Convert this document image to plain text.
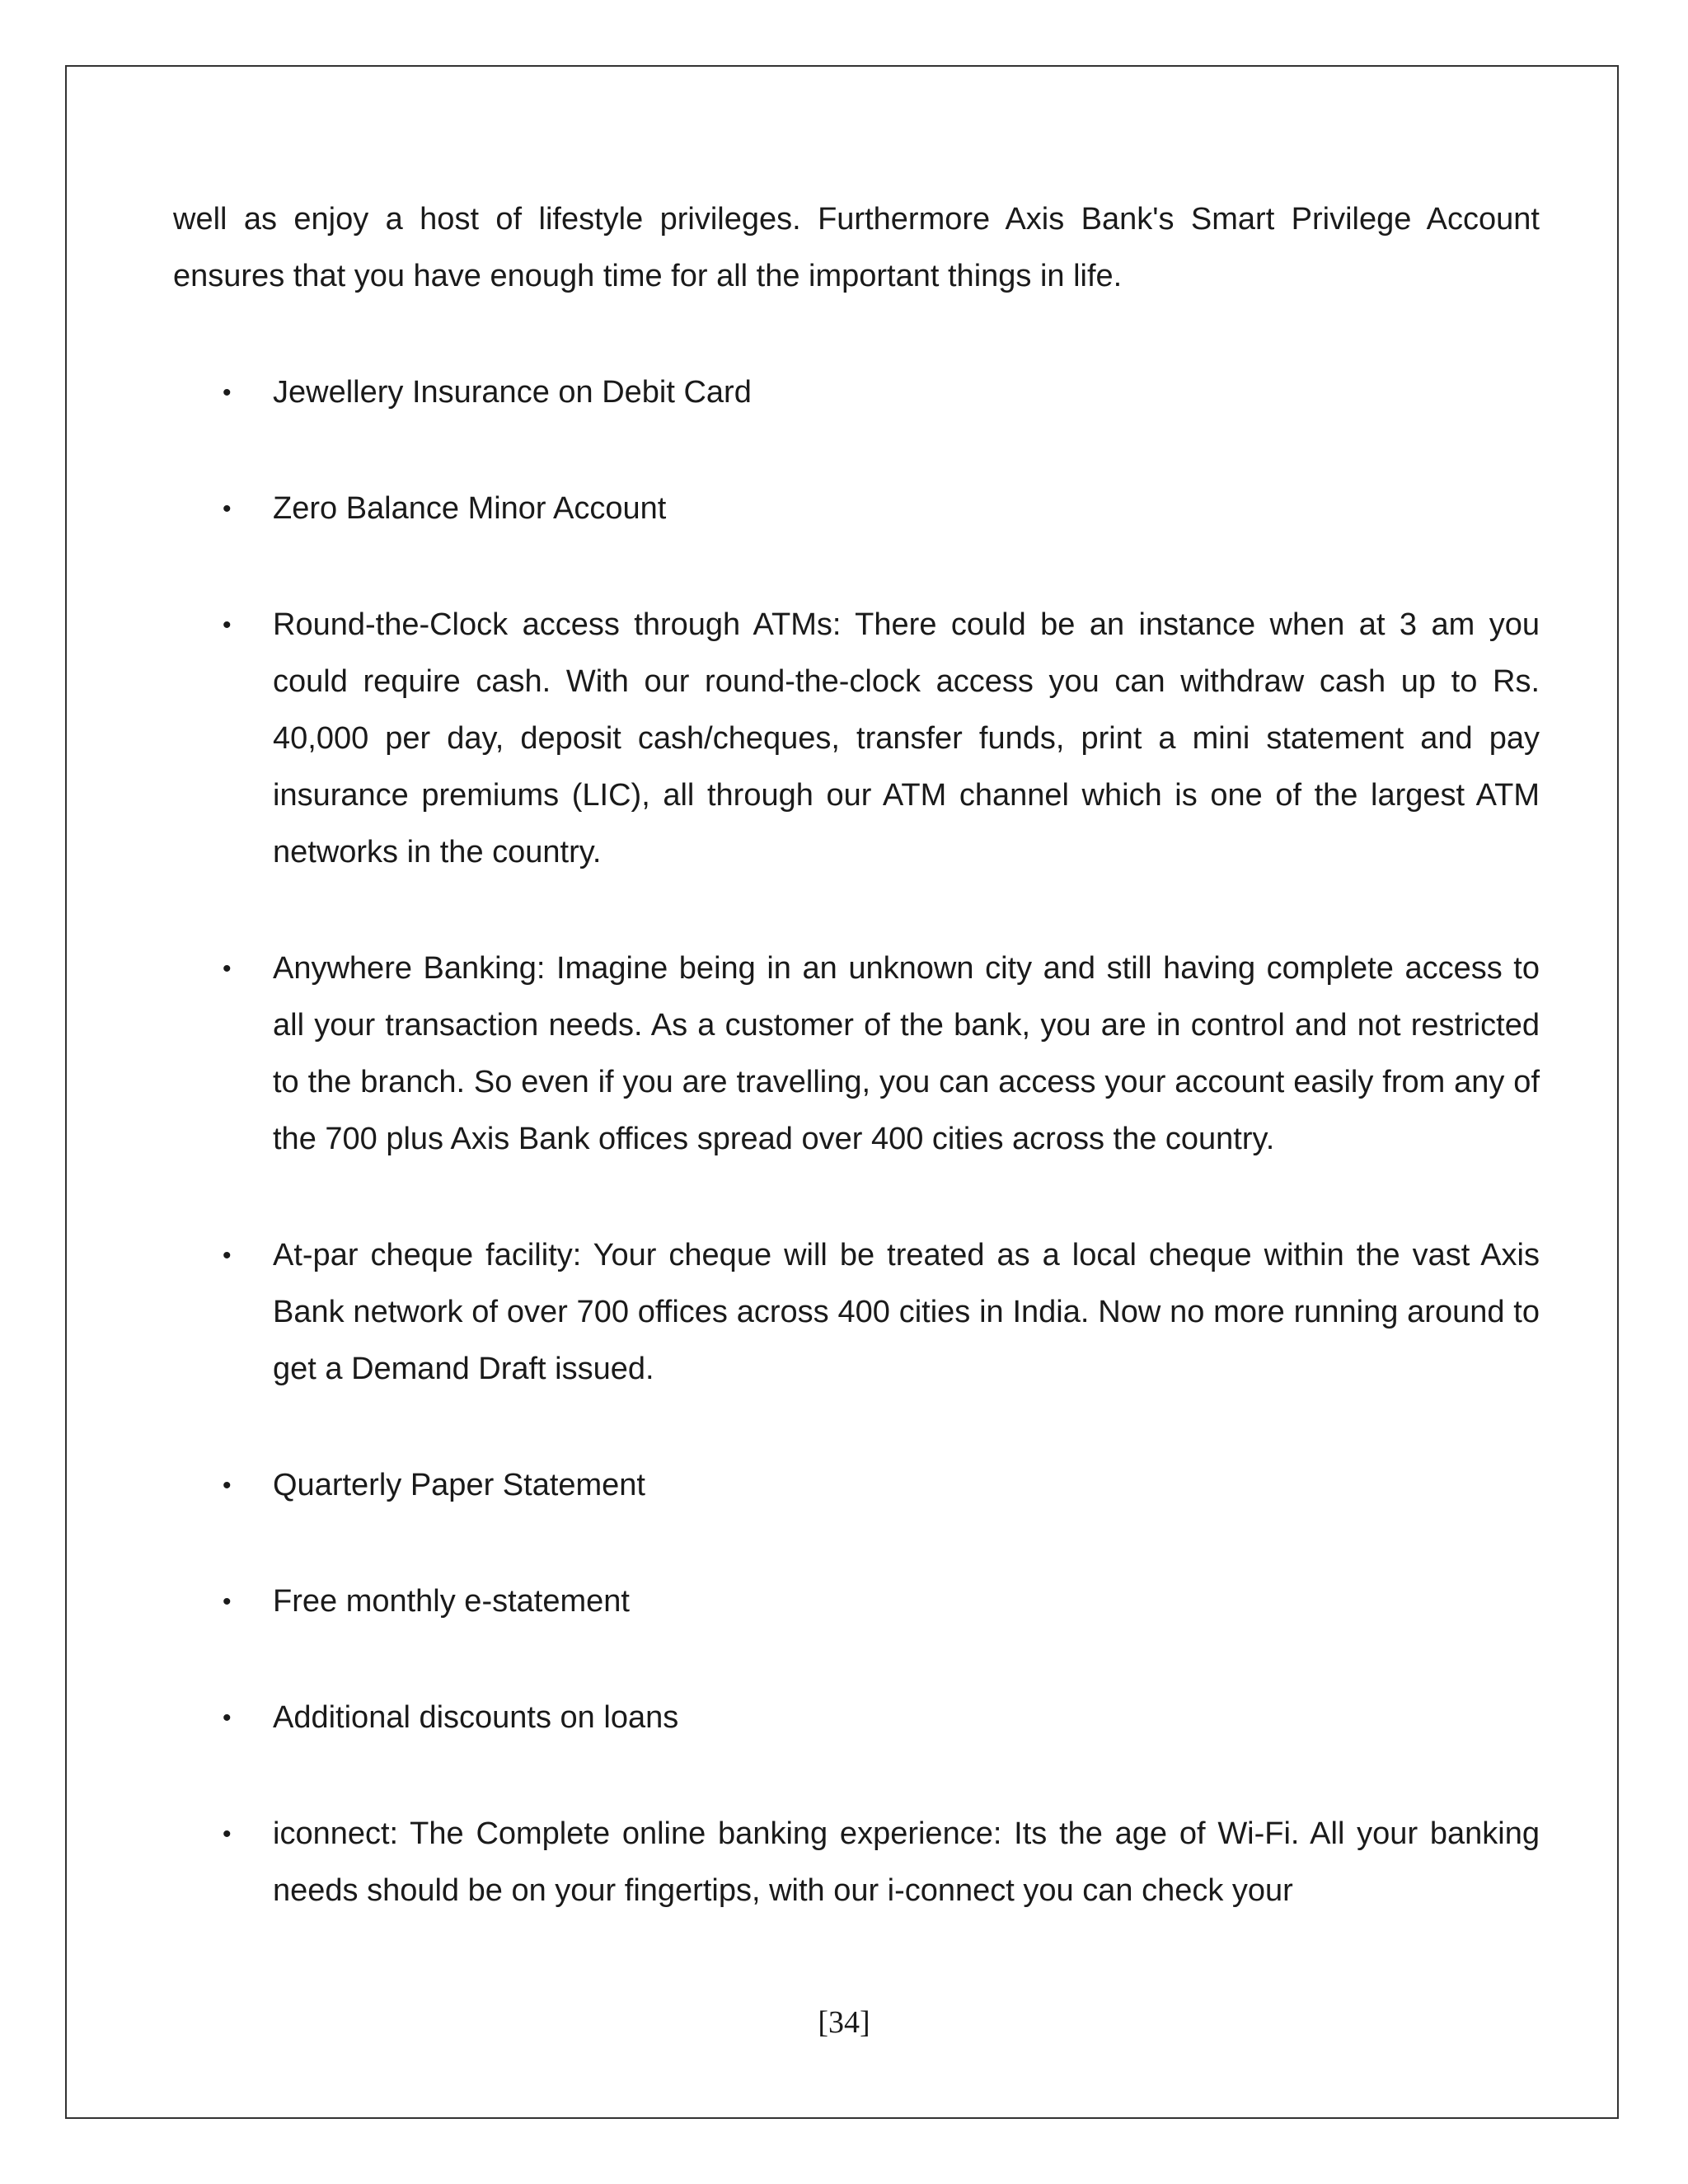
well as enjoy a host of lifestyle privileges. Furthermore Axis Bank's Smart Privilege Account ensures that you have enough time for all the important things in life.

• Jewellery Insurance on Debit Card
• Zero Balance Minor Account
• Round-the-Clock access through ATMs: There could be an instance when at 3 am you could require cash. With our round-the-clock access you can withdraw cash up to Rs. 40,000 per day, deposit cash/cheques, transfer funds, print a mini statement and pay insurance premiums (LIC), all through our ATM channel which is one of the largest ATM networks in the country.
• Anywhere Banking: Imagine being in an unknown city and still having complete access to all your transaction needs. As a customer of the bank, you are in control and not restricted to the branch. So even if you are travelling, you can access your account easily from any of the 700 plus Axis Bank offices spread over 400 cities across the country.
• At-par cheque facility: Your cheque will be treated as a local cheque within the vast Axis Bank network of over 700 offices across 400 cities in India. Now no more running around to get a Demand Draft issued.
• Quarterly Paper Statement
• Free monthly e-statement
• Additional discounts on loans
• iconnect: The Complete online banking experience: Its the age of Wi-Fi. All your banking needs should be on your fingertips, with our i-connect you can check your
[34]
